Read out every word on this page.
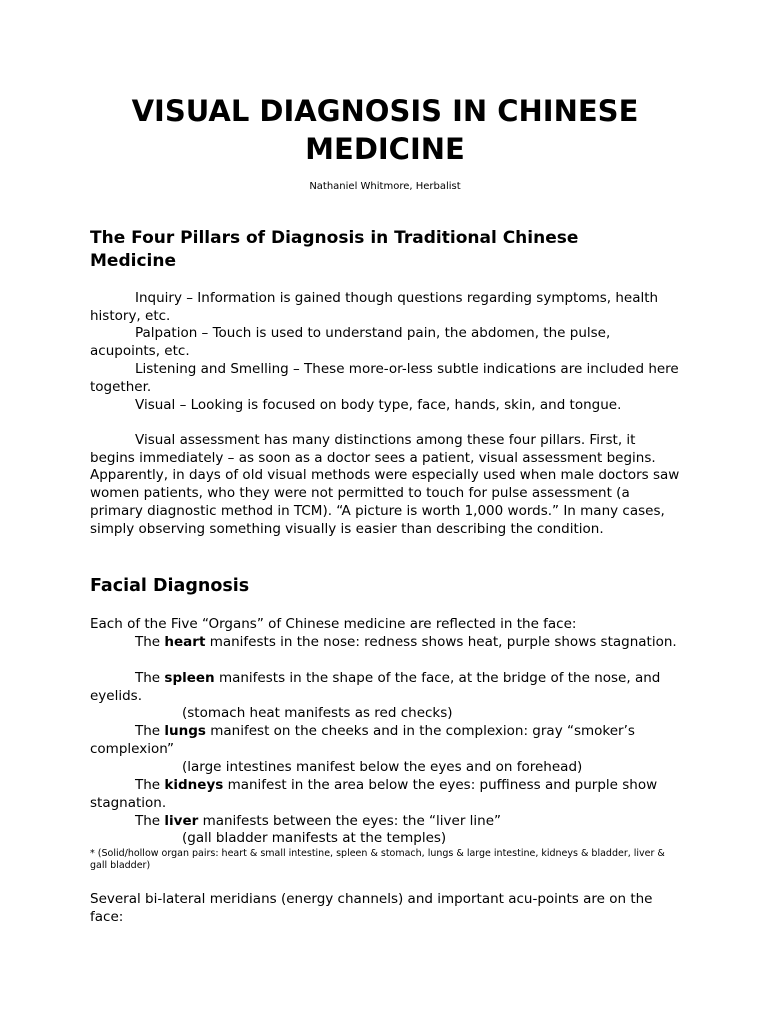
VISUAL DIAGNOSIS IN CHINESE MEDICINE
Nathaniel Whitmore, Herbalist
The Four Pillars of Diagnosis in Traditional Chinese Medicine

Inquiry – Information is gained though questions regarding symptoms, health history, etc.

Palpation – Touch is used to understand pain, the abdomen, the pulse, acupoints, etc.

Listening and Smelling – These more-or-less subtle indications are included here together.

Visual – Looking is focused on body type, face, hands, skin, and tongue.

Visual assessment has many distinctions among these four pillars. First, it begins immediately – as soon as a doctor sees a patient, visual assessment begins. Apparently, in days of old visual methods were especially used when male doctors saw women patients, who they were not permitted to touch for pulse assessment (a primary diagnostic method in TCM). “A picture is worth 1,000 words.” In many cases, simply observing something visually is easier than describing the condition.

Facial Diagnosis

Each of the Five “Organs” of Chinese medicine are reflected in the face:

The heart manifests in the nose: redness shows heat, purple shows stagnation.

The spleen manifests in the shape of the face, at the bridge of the nose, and eyelids.

(stomach heat manifests as red checks)

The lungs manifest on the cheeks and in the complexion: gray “smoker’s complexion”

(large intestines manifest below the eyes and on forehead)

The kidneys manifest in the area below the eyes: puffiness and purple show stagnation.

The liver manifests between the eyes: the “liver line”

(gall bladder manifests at the temples)

* (Solid/hollow organ pairs: heart & small intestine, spleen & stomach, lungs & large intestine, kidneys & bladder, liver & gall bladder)

Several bi-lateral meridians (energy channels) and important acu-points are on the face:
